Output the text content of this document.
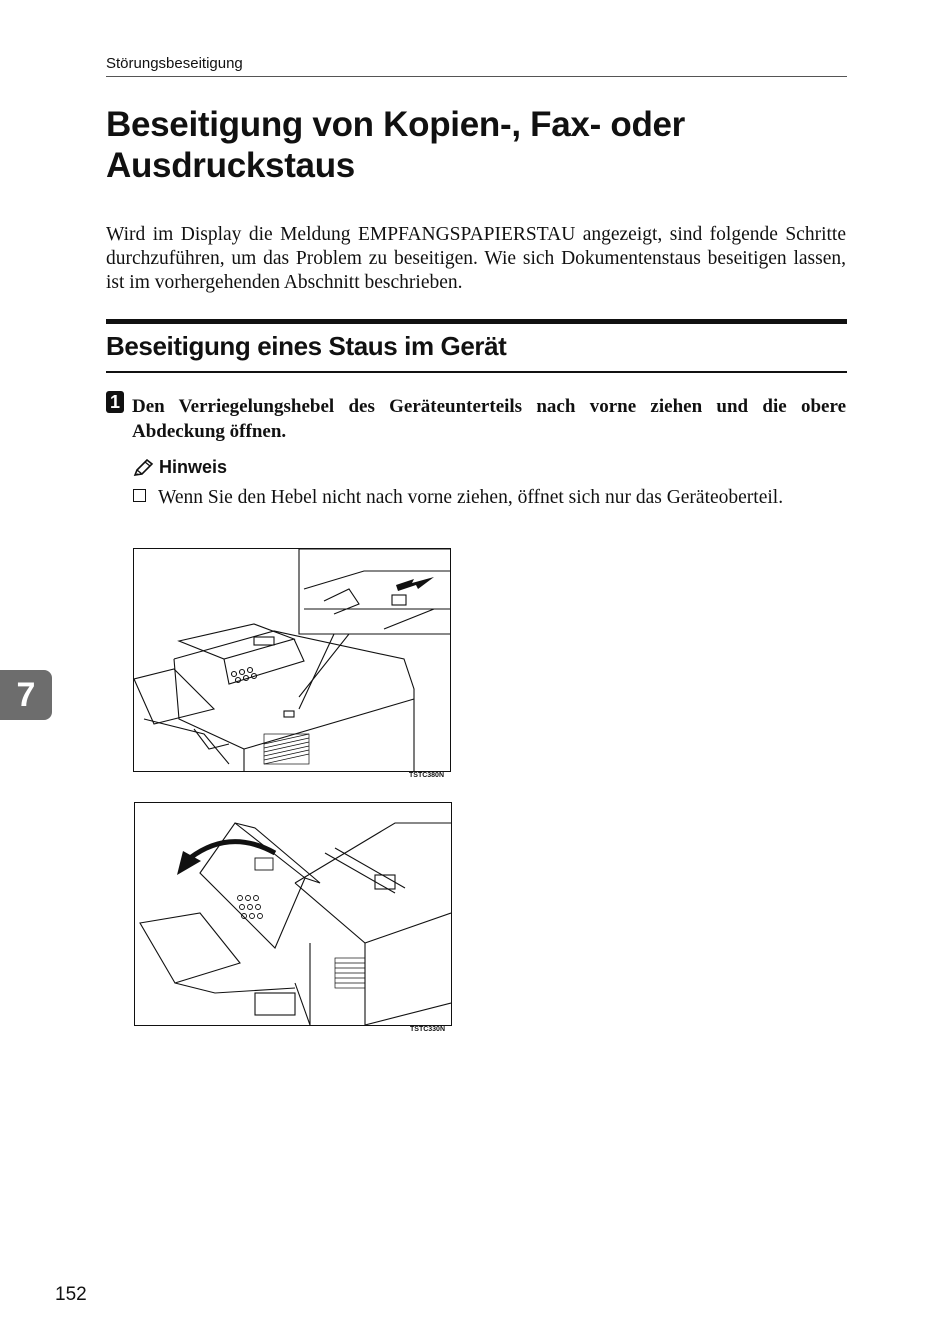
Störungsbeseitigung
Beseitigung von Kopien-, Fax- oder
Ausdruckstaus
Wird im Display die Meldung EMPFANGSPAPIERSTAU angezeigt, sind folgende Schritte durchzuführen, um das Problem zu beseitigen. Wie sich Dokumentenstaus beseitigen lassen, ist im vorhergehenden Abschnitt beschrieben.
Beseitigung eines Staus im Gerät
1 Den Verriegelungshebel des Geräteunterteils nach vorne ziehen und die obere Abdeckung öffnen.
Hinweis
Wenn Sie den Hebel nicht nach vorne ziehen, öffnet sich nur das Geräteoberteil.
TSTC380N
TSTC330N
7
152
